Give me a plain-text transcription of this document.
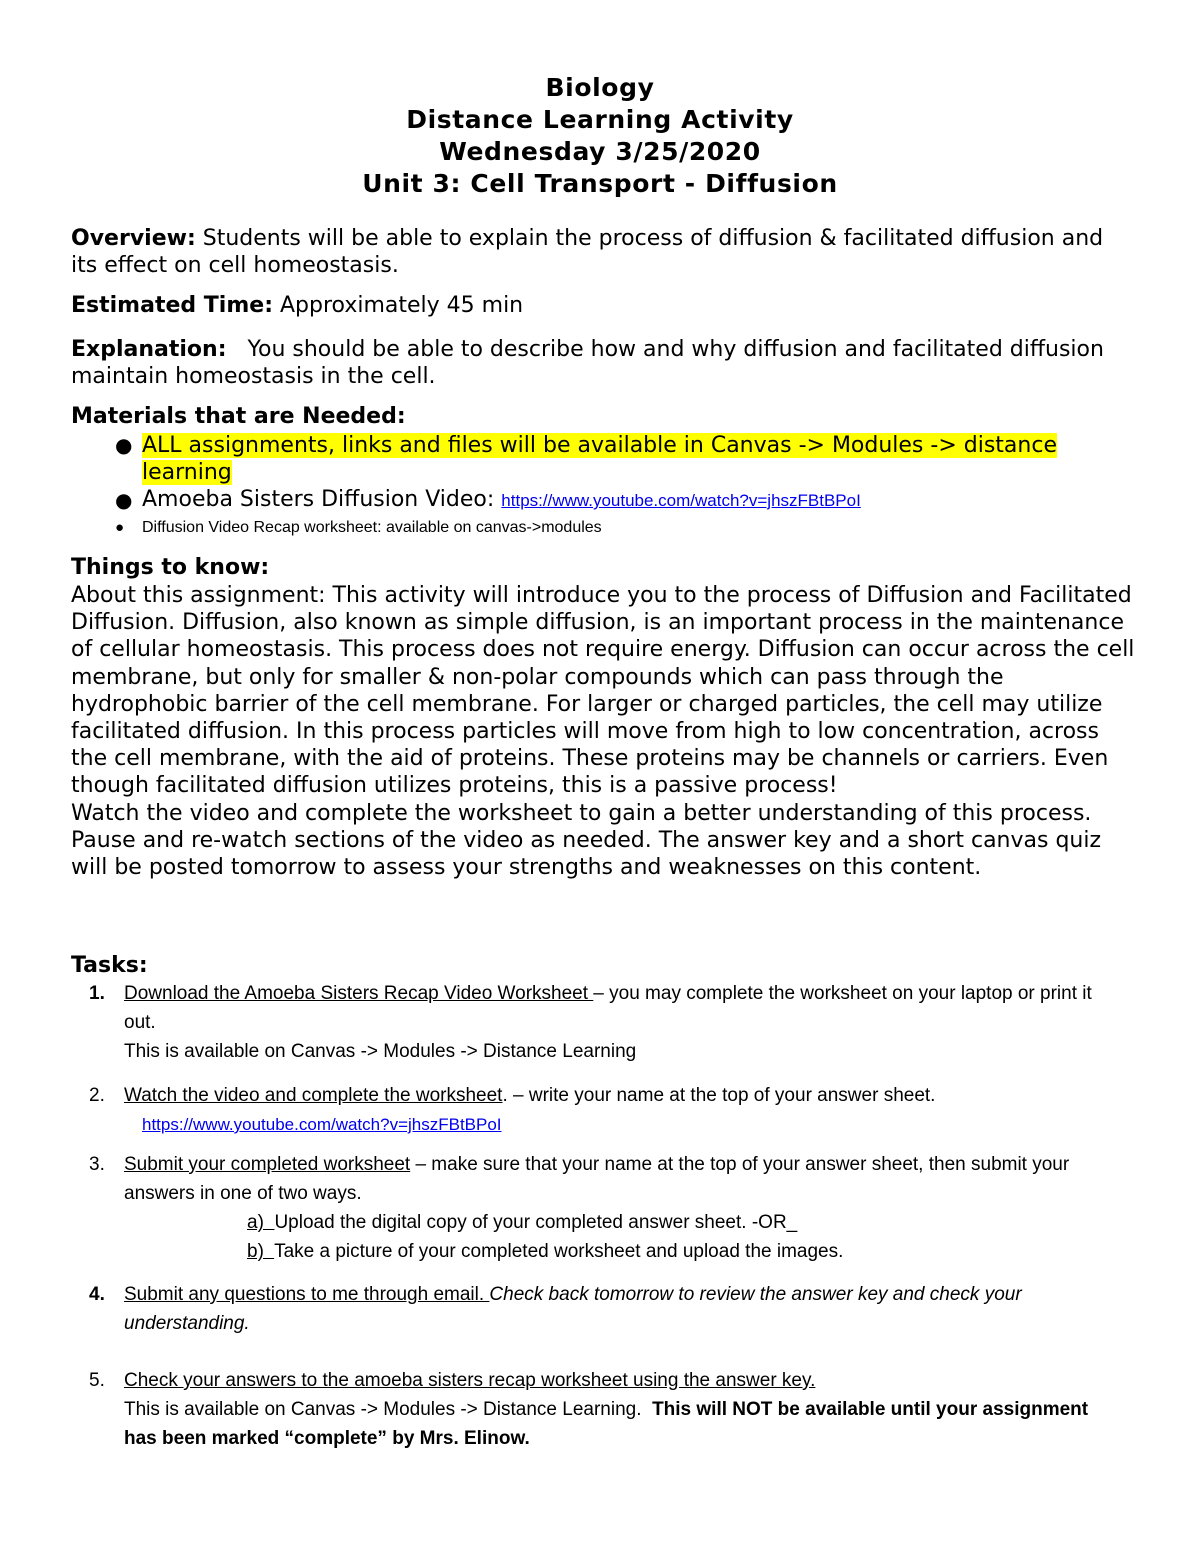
Biology
Distance Learning Activity
Wednesday 3/25/2020
Unit 3: Cell Transport - Diffusion
Overview: Students will be able to explain the process of diffusion & facilitated diffusion and its effect on cell homeostasis.
Estimated Time: Approximately 45 min
Explanation:   You should be able to describe how and why diffusion and facilitated diffusion maintain homeostasis in the cell.
Materials that are Needed:
● ALL assignments, links and files will be available in Canvas -> Modules -> distance learning
● Amoeba Sisters Diffusion Video: https://www.youtube.com/watch?v=jhszFBtBPoI
● Diffusion Video Recap worksheet: available on canvas->modules
Things to know:
About this assignment: This activity will introduce you to the process of Diffusion and Facilitated Diffusion. Diffusion, also known as simple diffusion, is an important process in the maintenance of cellular homeostasis. This process does not require energy. Diffusion can occur across the cell membrane, but only for smaller & non-polar compounds which can pass through the hydrophobic barrier of the cell membrane. For larger or charged particles, the cell may utilize facilitated diffusion. In this process particles will move from high to low concentration, across the cell membrane, with the aid of proteins. These proteins may be channels or carriers. Even though facilitated diffusion utilizes proteins, this is a passive process!
Watch the video and complete the worksheet to gain a better understanding of this process. Pause and re-watch sections of the video as needed. The answer key and a short canvas quiz will be posted tomorrow to assess your strengths and weaknesses on this content.
Tasks:
1. Download the Amoeba Sisters Recap Video Worksheet – you may complete the worksheet on your laptop or print it out.
This is available on Canvas -> Modules -> Distance Learning
2. Watch the video and complete the worksheet. – write your name at the top of your answer sheet.
https://www.youtube.com/watch?v=jhszFBtBPoI
3. Submit your completed worksheet – make sure that your name at the top of your answer sheet, then submit your answers in one of two ways.
a)  Upload the digital copy of your completed answer sheet. -OR_
b)  Take a picture of your completed worksheet and upload the images.
4. Submit any questions to me through email. Check back tomorrow to review the answer key and check your understanding.
5. Check your answers to the amoeba sisters recap worksheet using the answer key.
This is available on Canvas -> Modules -> Distance Learning.  This will NOT be available until your assignment has been marked “complete” by Mrs. Elinow.
